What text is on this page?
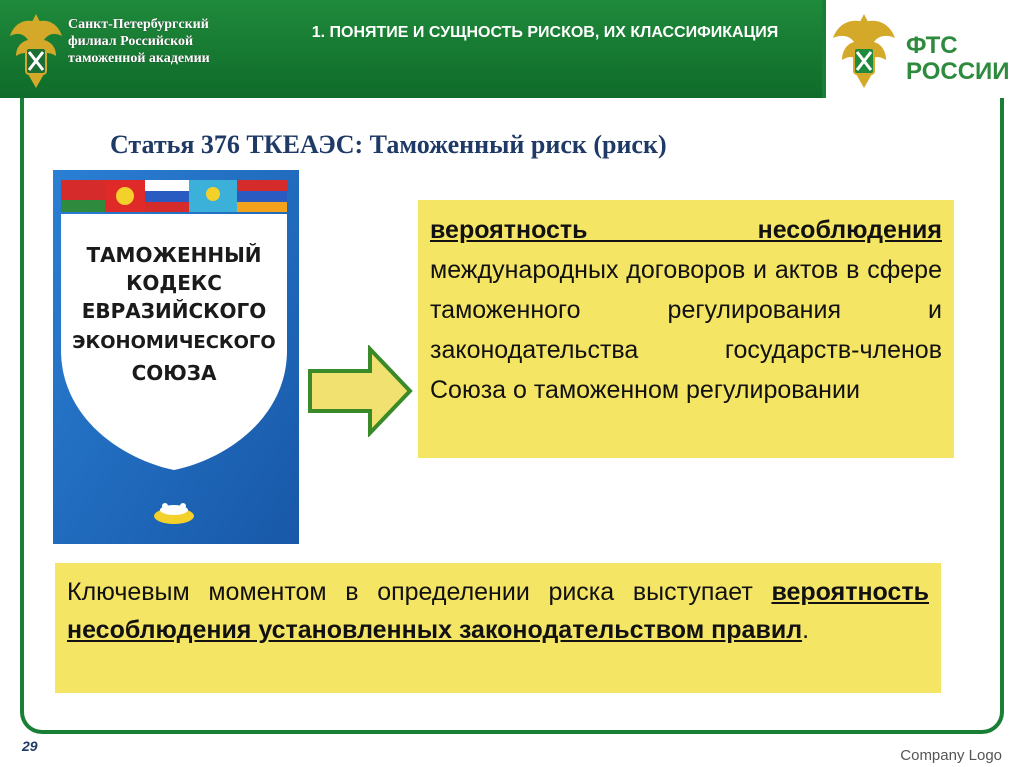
Санкт-Петербургский филиал Российской таможенной академии
1. ПОНЯТИЕ И СУЩНОСТЬ РИСКОВ, ИХ КЛАССИФИКАЦИЯ	ФТС
РОССИИ
Статья 376 ТКЕАЭС: Таможенный риск (риск)
ТАМОЖЕННЫЙ
КОДЕКС
ЕВРАЗИЙСКОГО
ЭКОНОМИЧЕСКОГО
СОЮЗА
вероятность несоблюдения международных договоров и актов в сфере таможенного регулирования и законодательства государств-членов Союза о таможенном регулировании
Ключевым моментом в определении риска выступает вероятность несоблюдения установленных законодательством правил.
29
Company Logo
